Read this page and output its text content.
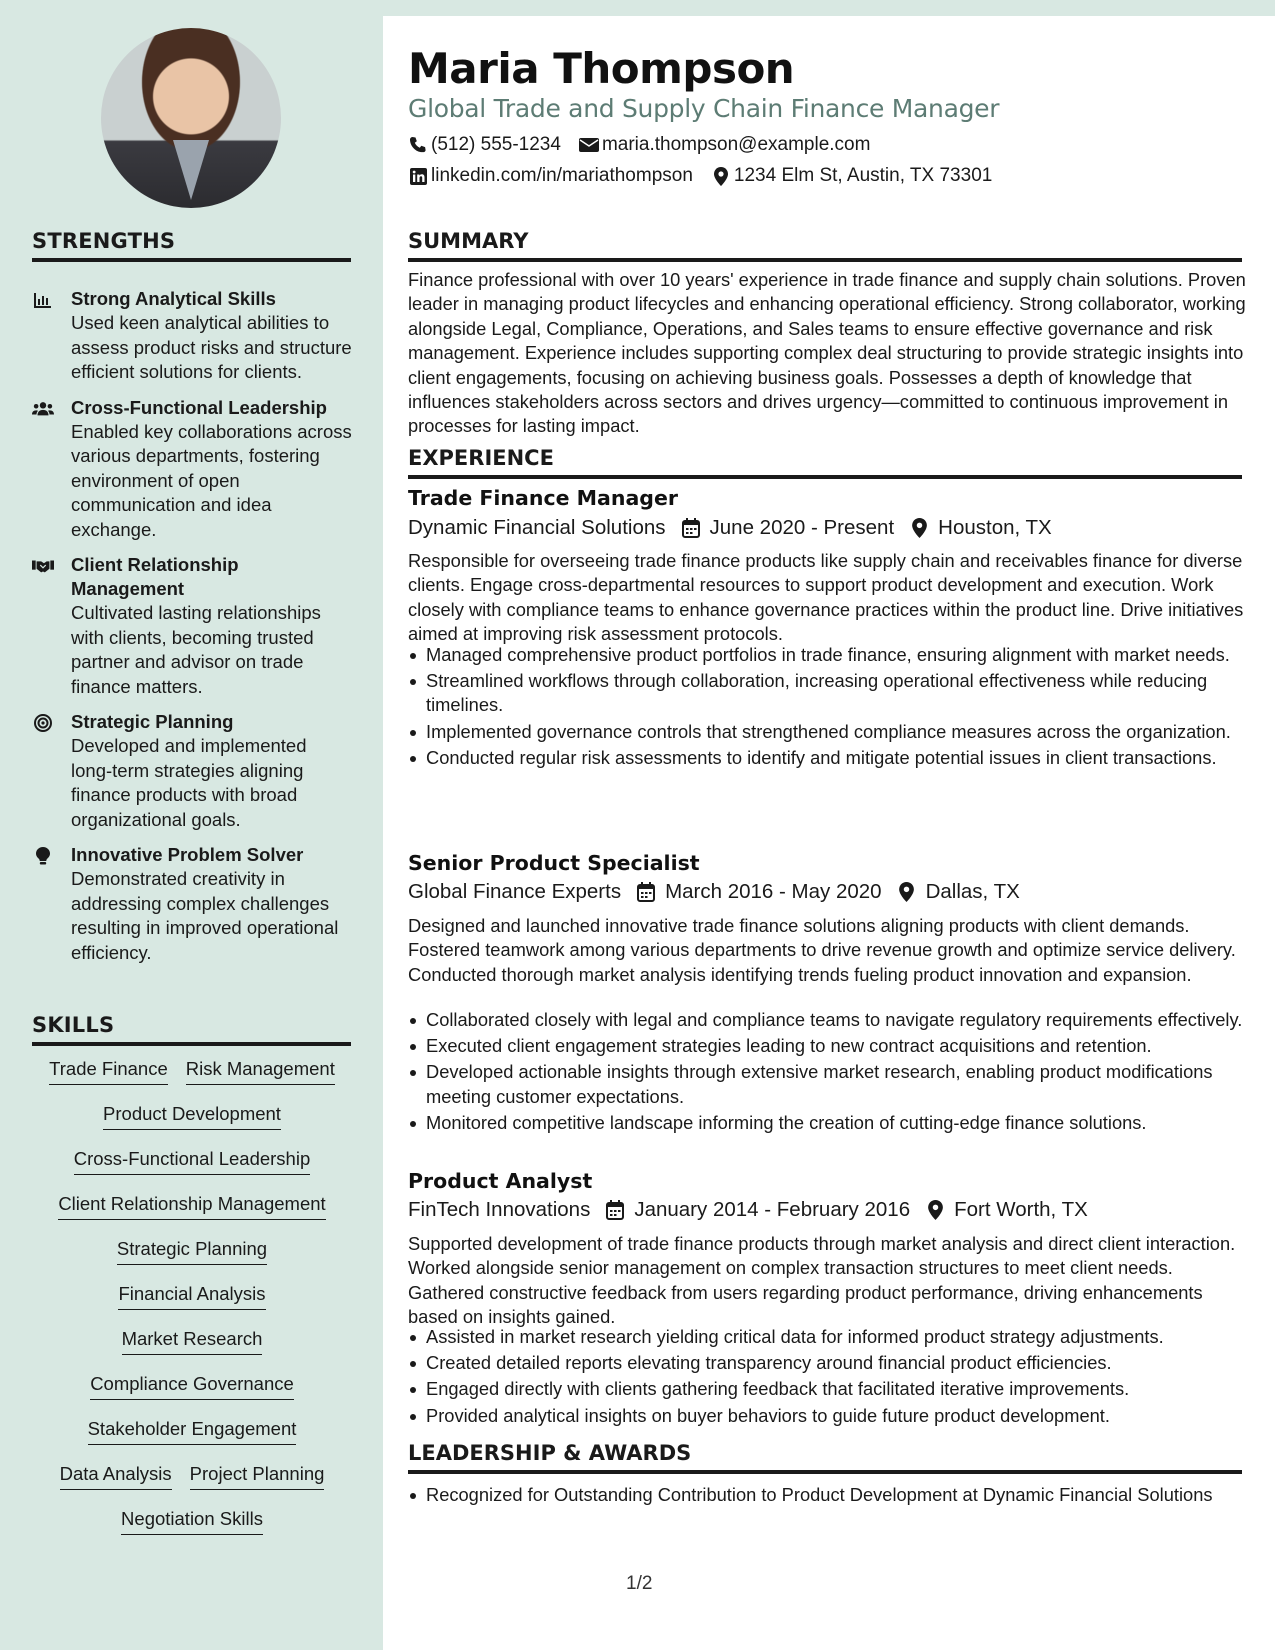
STRENGTHS
Strong Analytical Skills
Used keen analytical abilities to assess product risks and structure efficient solutions for clients.
Cross-Functional Leadership
Enabled key collaborations across various departments, fostering environment of open communication and idea exchange.
Client Relationship Management
Cultivated lasting relationships with clients, becoming trusted partner and advisor on trade finance matters.
Strategic Planning
Developed and implemented long-term strategies aligning finance products with broad organizational goals.
Innovative Problem Solver
Demonstrated creativity in addressing complex challenges resulting in improved operational efficiency.
SKILLS
Trade Finance Risk Management
Product Development
Cross-Functional Leadership
Client Relationship Management
Strategic Planning
Financial Analysis
Market Research
Compliance Governance
Stakeholder Engagement
Data Analysis Project Planning
Negotiation Skills
Maria Thompson
Global Trade and Supply Chain Finance Manager
(512) 555-1234 maria.thompson@example.com
linkedin.com/in/mariathompson 1234 Elm St, Austin, TX 73301
SUMMARY
Finance professional with over 10 years' experience in trade finance and supply chain solutions. Proven leader in managing product lifecycles and enhancing operational efficiency. Strong collaborator, working alongside Legal, Compliance, Operations, and Sales teams to ensure effective governance and risk management. Experience includes supporting complex deal structuring to provide strategic insights into client engagements, focusing on achieving business goals. Possesses a depth of knowledge that influences stakeholders across sectors and drives urgency—committed to continuous improvement in processes for lasting impact.
EXPERIENCE
Trade Finance Manager
Dynamic Financial Solutions June 2020 - Present Houston, TX
Responsible for overseeing trade finance products like supply chain and receivables finance for diverse clients. Engage cross-departmental resources to support product development and execution. Work closely with compliance teams to enhance governance practices within the product line. Drive initiatives aimed at improving risk assessment protocols.
Managed comprehensive product portfolios in trade finance, ensuring alignment with market needs.
Streamlined workflows through collaboration, increasing operational effectiveness while reducing timelines.
Implemented governance controls that strengthened compliance measures across the organization.
Conducted regular risk assessments to identify and mitigate potential issues in client transactions.
Senior Product Specialist
Global Finance Experts March 2016 - May 2020 Dallas, TX
Designed and launched innovative trade finance solutions aligning products with client demands. Fostered teamwork among various departments to drive revenue growth and optimize service delivery. Conducted thorough market analysis identifying trends fueling product innovation and expansion.
Collaborated closely with legal and compliance teams to navigate regulatory requirements effectively.
Executed client engagement strategies leading to new contract acquisitions and retention.
Developed actionable insights through extensive market research, enabling product modifications meeting customer expectations.
Monitored competitive landscape informing the creation of cutting-edge finance solutions.
Product Analyst
FinTech Innovations January 2014 - February 2016 Fort Worth, TX
Supported development of trade finance products through market analysis and direct client interaction. Worked alongside senior management on complex transaction structures to meet client needs. Gathered constructive feedback from users regarding product performance, driving enhancements based on insights gained.
Assisted in market research yielding critical data for informed product strategy adjustments.
Created detailed reports elevating transparency around financial product efficiencies.
Engaged directly with clients gathering feedback that facilitated iterative improvements.
Provided analytical insights on buyer behaviors to guide future product development.
LEADERSHIP & AWARDS
Recognized for Outstanding Contribution to Product Development at Dynamic Financial Solutions
1/2
